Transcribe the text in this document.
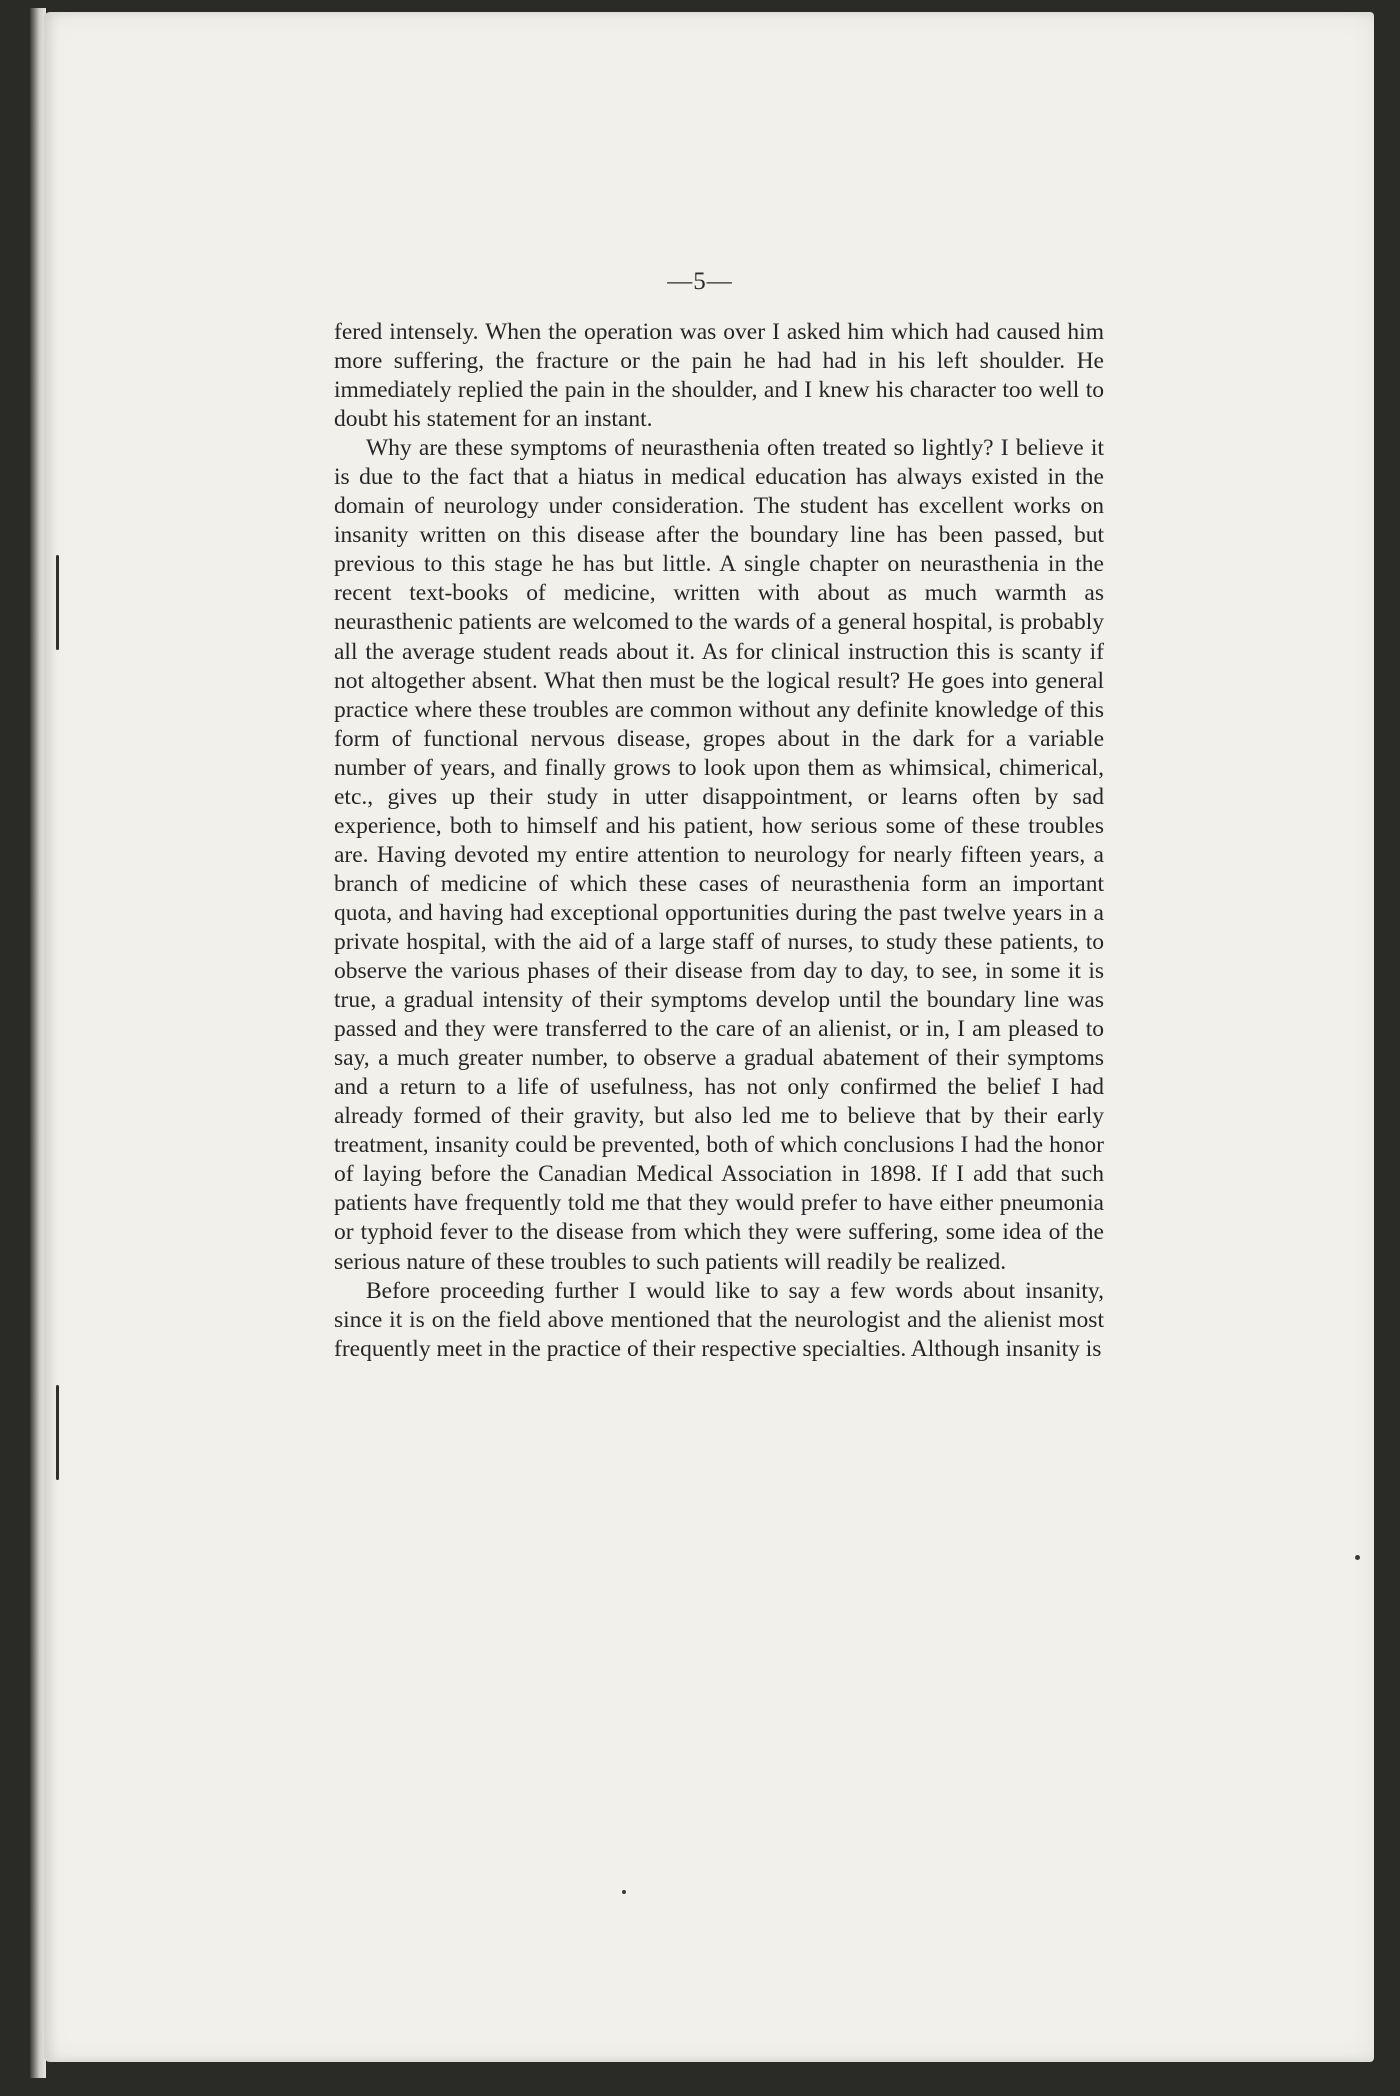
—5—

fered intensely. When the operation was over I asked him which had caused him more suffering, the fracture or the pain he had had in his left shoulder. He immediately replied the pain in the shoulder, and I knew his character too well to doubt his statement for an instant.

Why are these symptoms of neurasthenia often treated so lightly? I believe it is due to the fact that a hiatus in medical education has always existed in the domain of neurology under consideration. The student has excellent works on insanity written on this disease after the boundary line has been passed, but previous to this stage he has but little. A single chapter on neurasthenia in the recent text-books of medicine, written with about as much warmth as neurasthenic patients are welcomed to the wards of a general hospital, is probably all the average student reads about it. As for clinical instruction this is scanty if not altogether absent. What then must be the logical result? He goes into general practice where these troubles are common without any definite knowledge of this form of functional nervous disease, gropes about in the dark for a variable number of years, and finally grows to look upon them as whimsical, chimerical, etc., gives up their study in utter disappointment, or learns often by sad experience, both to himself and his patient, how serious some of these troubles are. Having devoted my entire attention to neurology for nearly fifteen years, a branch of medicine of which these cases of neurasthenia form an important quota, and having had exceptional opportunities during the past twelve years in a private hospital, with the aid of a large staff of nurses, to study these patients, to observe the various phases of their disease from day to day, to see, in some it is true, a gradual intensity of their symptoms develop until the boundary line was passed and they were transferred to the care of an alienist, or in, I am pleased to say, a much greater number, to observe a gradual abatement of their symptoms and a return to a life of usefulness, has not only confirmed the belief I had already formed of their gravity, but also led me to believe that by their early treatment, insanity could be prevented, both of which conclusions I had the honor of laying before the Canadian Medical Association in 1898. If I add that such patients have frequently told me that they would prefer to have either pneumonia or typhoid fever to the disease from which they were suffering, some idea of the serious nature of these troubles to such patients will readily be realized.

Before proceeding further I would like to say a few words about insanity, since it is on the field above mentioned that the neurologist and the alienist most frequently meet in the practice of their respective specialties. Although insanity is
